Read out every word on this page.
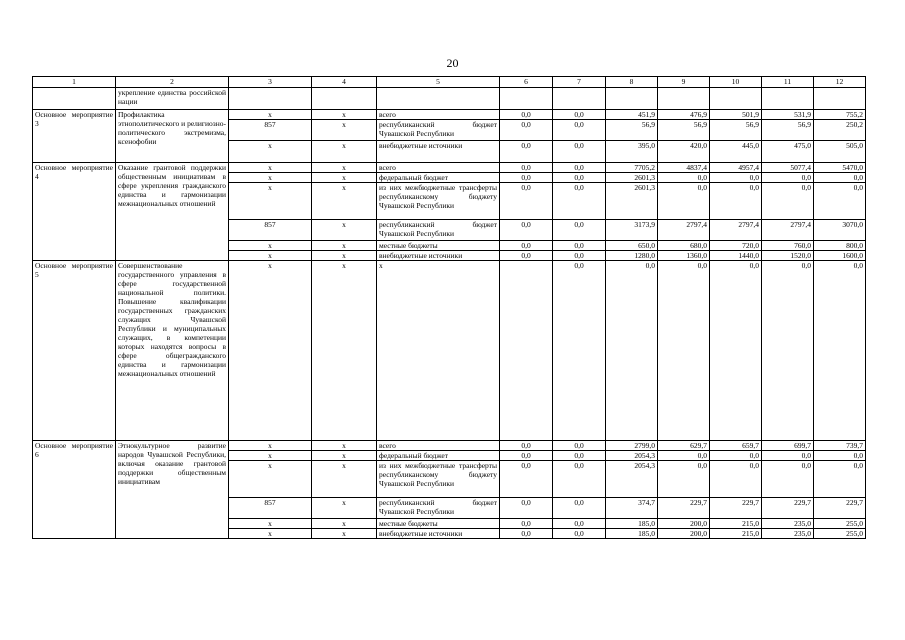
20
1	2	3	4	5	6	7	8	9	10	11	12
	укрепление единства российской нации										
Основное мероприятие 3	Профилактика этнополитического и религиозно-политического экстремизма, ксенофобии	х	х	всего	0,0	0,0	451,9	476,9	501,9	531,9	755,2
		857	х	республиканский бюджет Чувашской Республики	0,0	0,0	56,9	56,9	56,9	56,9	250,2
		х	х	внебюджетные источники	0,0	0,0	395,0	420,0	445,0	475,0	505,0
Основное мероприятие 4	Оказание грантовой поддержки общественным инициативам в сфере укрепления гражданского единства и гармонизации межнациональных отношений	х	х	всего	0,0	0,0	7705,2	4837,4	4957,4	5077,4	5470,0
		х	х	федеральный бюджет	0,0	0,0	2601,3	0,0	0,0	0,0	0,0
		х	х	из них межбюджетные трансферты республиканскому бюджету Чувашской Республики	0,0	0,0	2601,3	0,0	0,0	0,0	0,0
		857	х	республиканский бюджет Чувашской Республики	0,0	0,0	3173,9	2797,4	2797,4	2797,4	3070,0
		х	х	местные бюджеты	0,0	0,0	650,0	680,0	720,0	760,0	800,0
		х	х	внебюджетные источники	0,0	0,0	1280,0	1360,0	1440,0	1520,0	1600,0
Основное мероприятие 5	Совершенствование государственного управления в сфере государственной национальной политики. Повышение квалификации государственных гражданских служащих Чувашской Республики и муниципальных служащих, в компетенции которых находятся вопросы в сфере общегражданского единства и гармонизации межнациональных отношений	х	х	х		0,0	0,0	0,0	0,0	0,0	0,0
Основное мероприятие 6	Этнокультурное развитие народов Чувашской Республики, включая оказание грантовой поддержки общественным инициативам	х	х	всего	0,0	0,0	2799,0	629,7	659,7	699,7	739,7
		х	х	федеральный бюджет	0,0	0,0	2054,3	0,0	0,0	0,0	0,0
		х	х	из них межбюджетные трансферты республиканскому бюджету Чувашской Республики	0,0	0,0	2054,3	0,0	0,0	0,0	0,0
		857	х	республиканский бюджет Чувашской Республики	0,0	0,0	374,7	229,7	229,7	229,7	229,7
		х	х	местные бюджеты	0,0	0,0	185,0	200,0	215,0	235,0	255,0
		х	х	внебюджетные источники	0,0	0,0	185,0	200,0	215,0	235,0	255,0
